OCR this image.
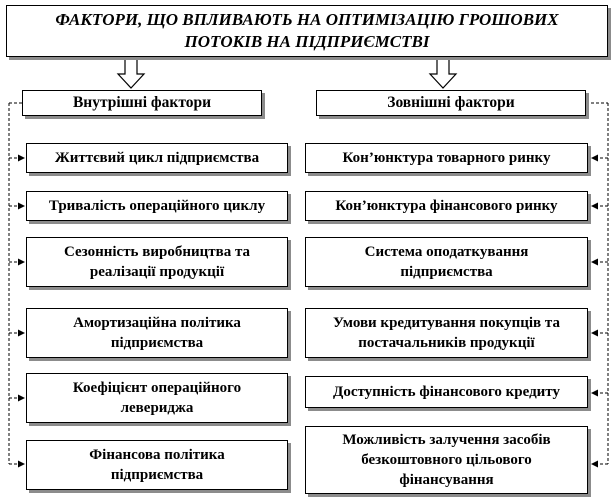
ФАКТОРИ, ЩО ВПЛИВАЮТЬ НА ОПТИМІЗАЦІЮ ГРОШОВИХ
ПОТОКІВ НА ПІДПРИЄМСТВІ
Внутрішні фактори	Зовнішні фактори
Життєвий цикл підприємства
Тривалість операційного циклу
Сезонність виробництва та
реалізації продукції
Амортизаційна політика
підприємства
Коефіцієнт операційного
левериджа
Фінансова політика
підприємства
Кон’юнктура товарного ринку
Кон’юнктура фінансового ринку
Система оподаткування
підприємства
Умови кредитування покупців та
постачальників продукції
Доступність фінансового кредиту
Можливість залучення засобів
безкоштовного цільового
фінансування
